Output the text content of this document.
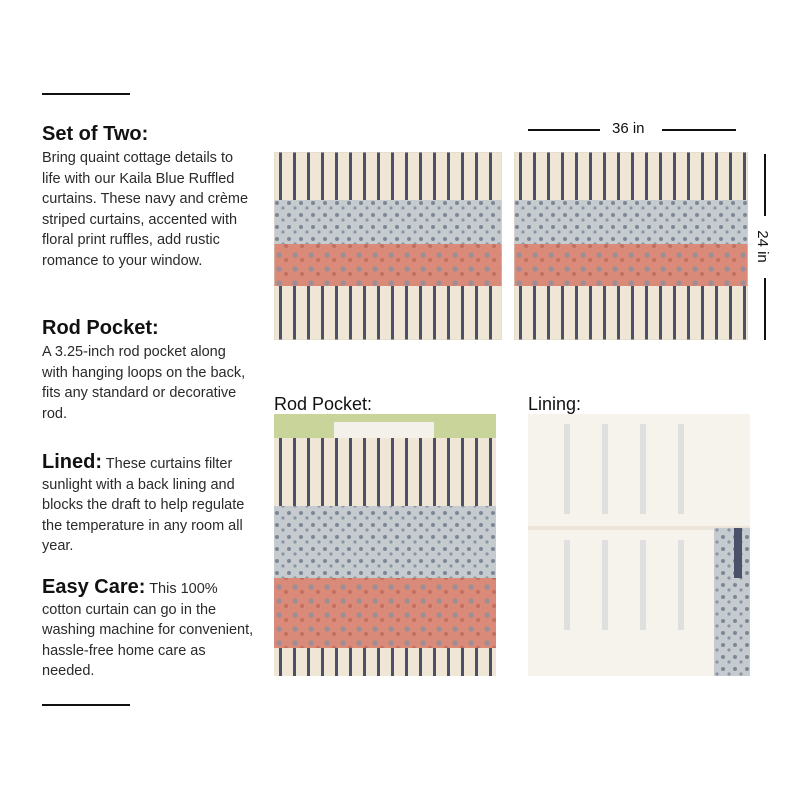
Set of Two:
Bring quaint cottage details to life with our Kaila Blue Ruffled curtains. These navy and crème striped curtains, accented with floral print ruffles, add rustic romance to your window.
Rod Pocket:
A 3.25-inch rod pocket along with hanging loops on the back, fits any standard or decorative rod.
Lined: These curtains filter sunlight with a back lining and blocks the draft to help regulate the temperature in any room all year.
Easy Care: This 100% cotton curtain can go in the washing machine for convenient, hassle-free home care as needed.
36 in
24 in
Rod Pocket:	Lining:
